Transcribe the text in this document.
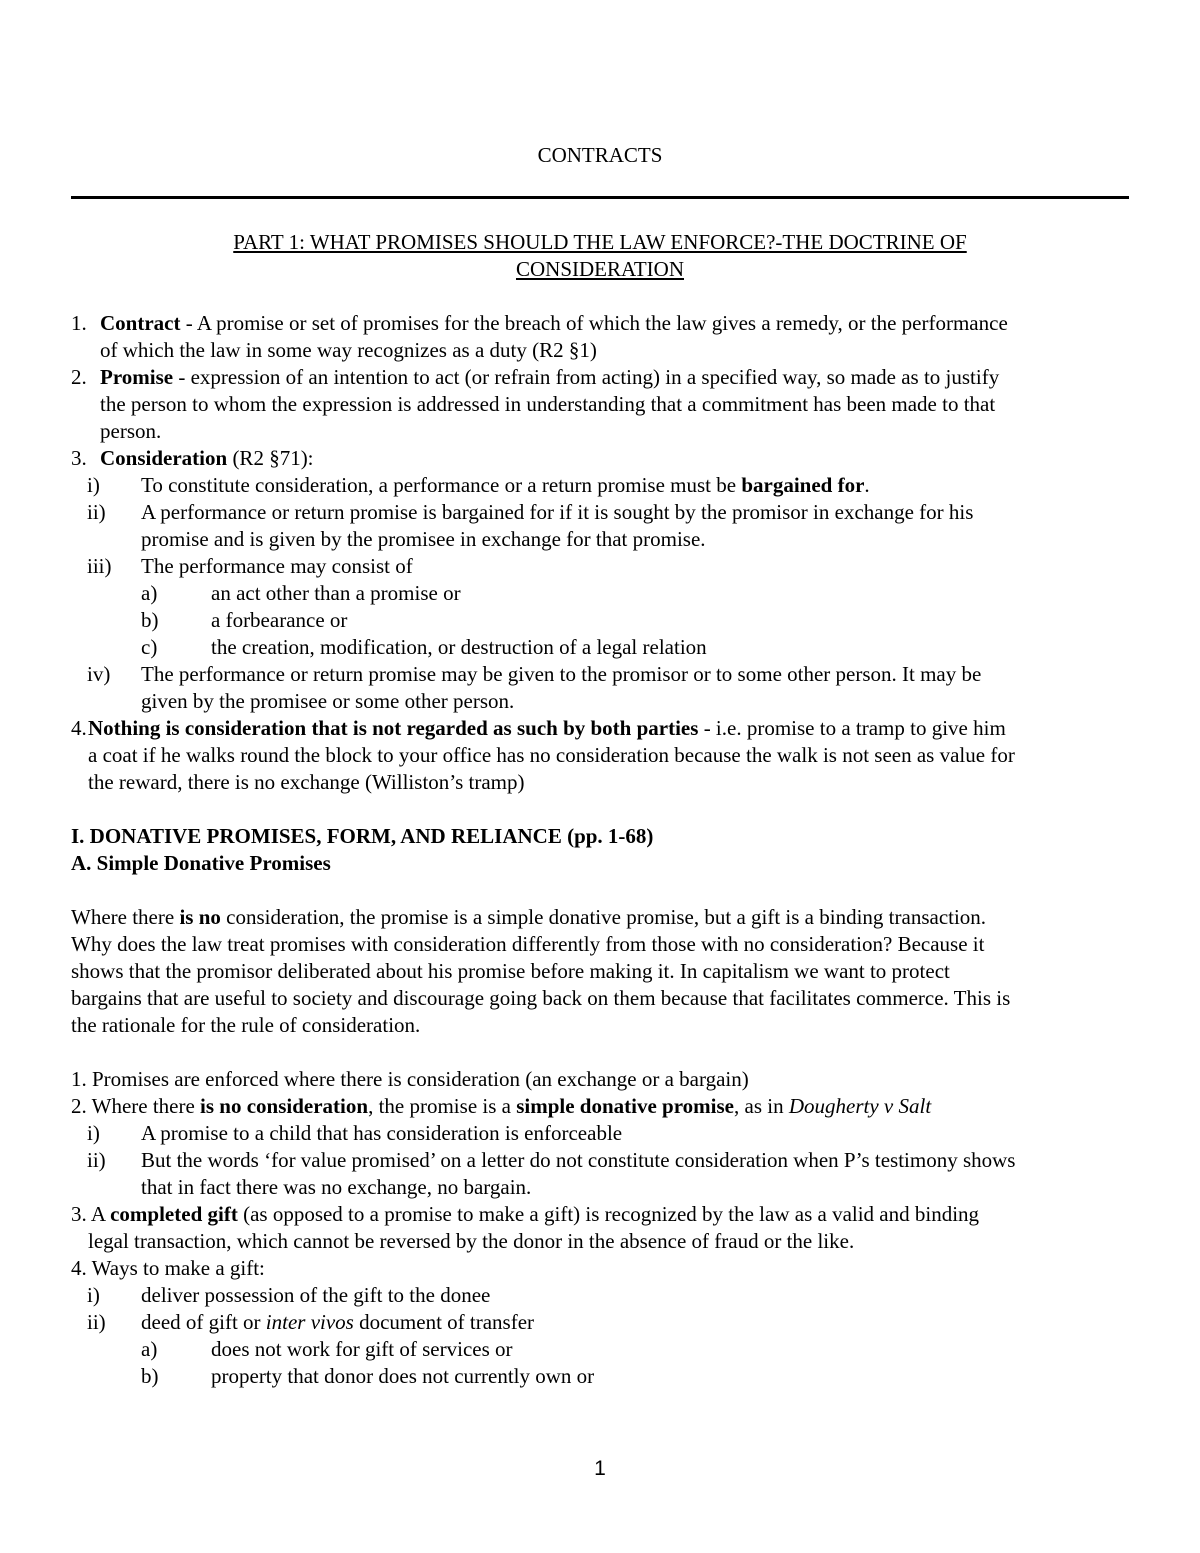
CONTRACTS
PART 1: WHAT PROMISES SHOULD THE LAW ENFORCE?-THE DOCTRINE OF
CONSIDERATION
1. Contract - A promise or set of promises for the breach of which the law gives a remedy, or the performance
of which the law in some way recognizes as a duty (R2 §1)
2. Promise - expression of an intention to act (or refrain from acting) in a specified way, so made as to justify
the person to whom the expression is addressed in understanding that a commitment has been made to that
person.
3. Consideration (R2 §71):
i)	To constitute consideration, a performance or a return promise must be bargained for.
ii)	A performance or return promise is bargained for if it is sought by the promisor in exchange for his
promise and is given by the promisee in exchange for that promise.
iii)	The performance may consist of
a)	an act other than a promise or
b)	a forbearance or
c)	the creation, modification, or destruction of a legal relation
iv)	The performance or return promise may be given to the promisor or to some other person. It may be
given by the promisee or some other person.
4. Nothing is consideration that is not regarded as such by both parties - i.e. promise to a tramp to give him
a coat if he walks round the block to your office has no consideration because the walk is not seen as value for
the reward, there is no exchange (Williston’s tramp)
I. DONATIVE PROMISES, FORM, AND RELIANCE (pp. 1-68)
A. Simple Donative Promises
Where there is no consideration, the promise is a simple donative promise, but a gift is a binding transaction.
Why does the law treat promises with consideration differently from those with no consideration? Because it
shows that the promisor deliberated about his promise before making it. In capitalism we want to protect
bargains that are useful to society and discourage going back on them because that facilitates commerce. This is
the rationale for the rule of consideration.
1. Promises are enforced where there is consideration (an exchange or a bargain)
2. Where there is no consideration, the promise is a simple donative promise, as in Dougherty v Salt
i)	A promise to a child that has consideration is enforceable
ii)	But the words ‘for value promised’ on a letter do not constitute consideration when P’s testimony shows
that in fact there was no exchange, no bargain.
3. A completed gift (as opposed to a promise to make a gift) is recognized by the law as a valid and binding
legal transaction, which cannot be reversed by the donor in the absence of fraud or the like.
4. Ways to make a gift:
i)	deliver possession of the gift to the donee
ii)	deed of gift or inter vivos document of transfer
a)	does not work for gift of services or
b)	property that donor does not currently own or
1
